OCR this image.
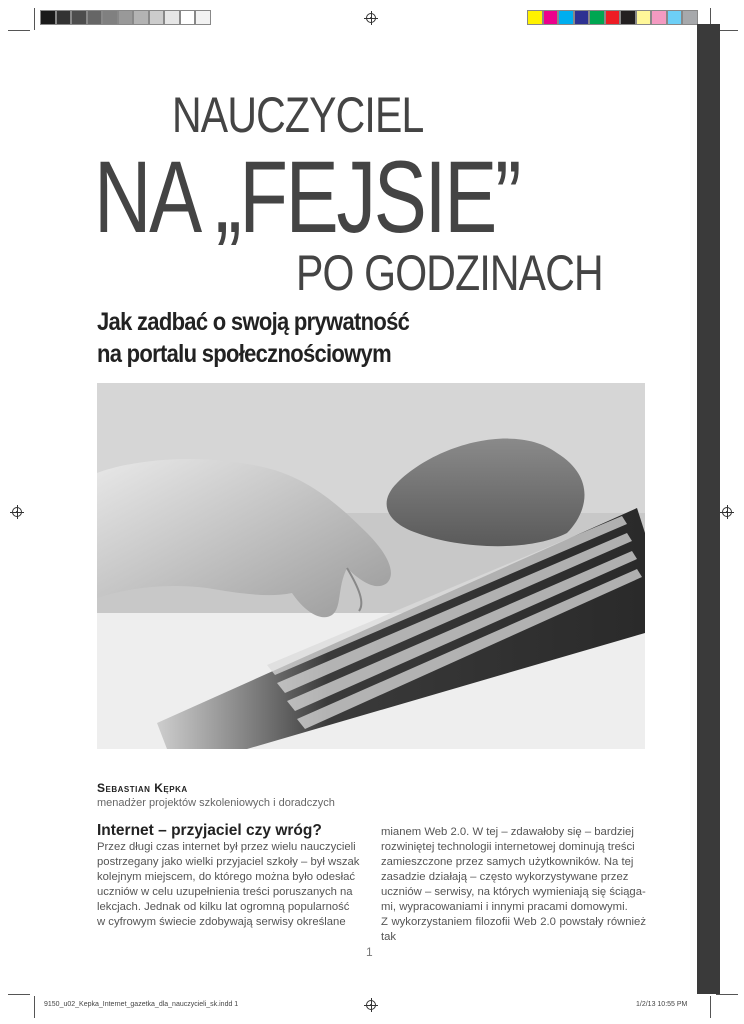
NAUCZYCIEL
NA „FEJSIE”
PO GODZINACH
Jak zadbać o swoją prywatność
na portalu społecznościowym
Sebastian Kępka
menadżer projektów szkoleniowych i doradczych
Internet – przyjaciel czy wróg?

Przez długi czas internet był przez wielu nauczycieli

postrzegany jako wielki przyjaciel szkoły – był wszak

kolejnym miejscem, do którego można było odesłać

uczniów w celu uzupełnienia treści poruszanych na

lekcjach. Jednak od kilku lat ogromną popularność

w cyfrowym świecie zdobywają serwisy określane

mianem Web 2.0. W tej – zdawałoby się – bardziej

rozwiniętej technologii internetowej dominują treści

zamieszczone przez samych użytkowników. Na tej

zasadzie działają – często wykorzystywane przez

uczniów – serwisy, na których wymieniają się ściąga-

mi, wypracowaniami i innymi pracami domowymi.

Z wykorzystaniem filozofii Web 2.0 powstały również tak

1
9150_u02_Kepka_Internet_gazetka_dla_nauczycieli_sk.indd 1	1/2/13 10:55 PM
